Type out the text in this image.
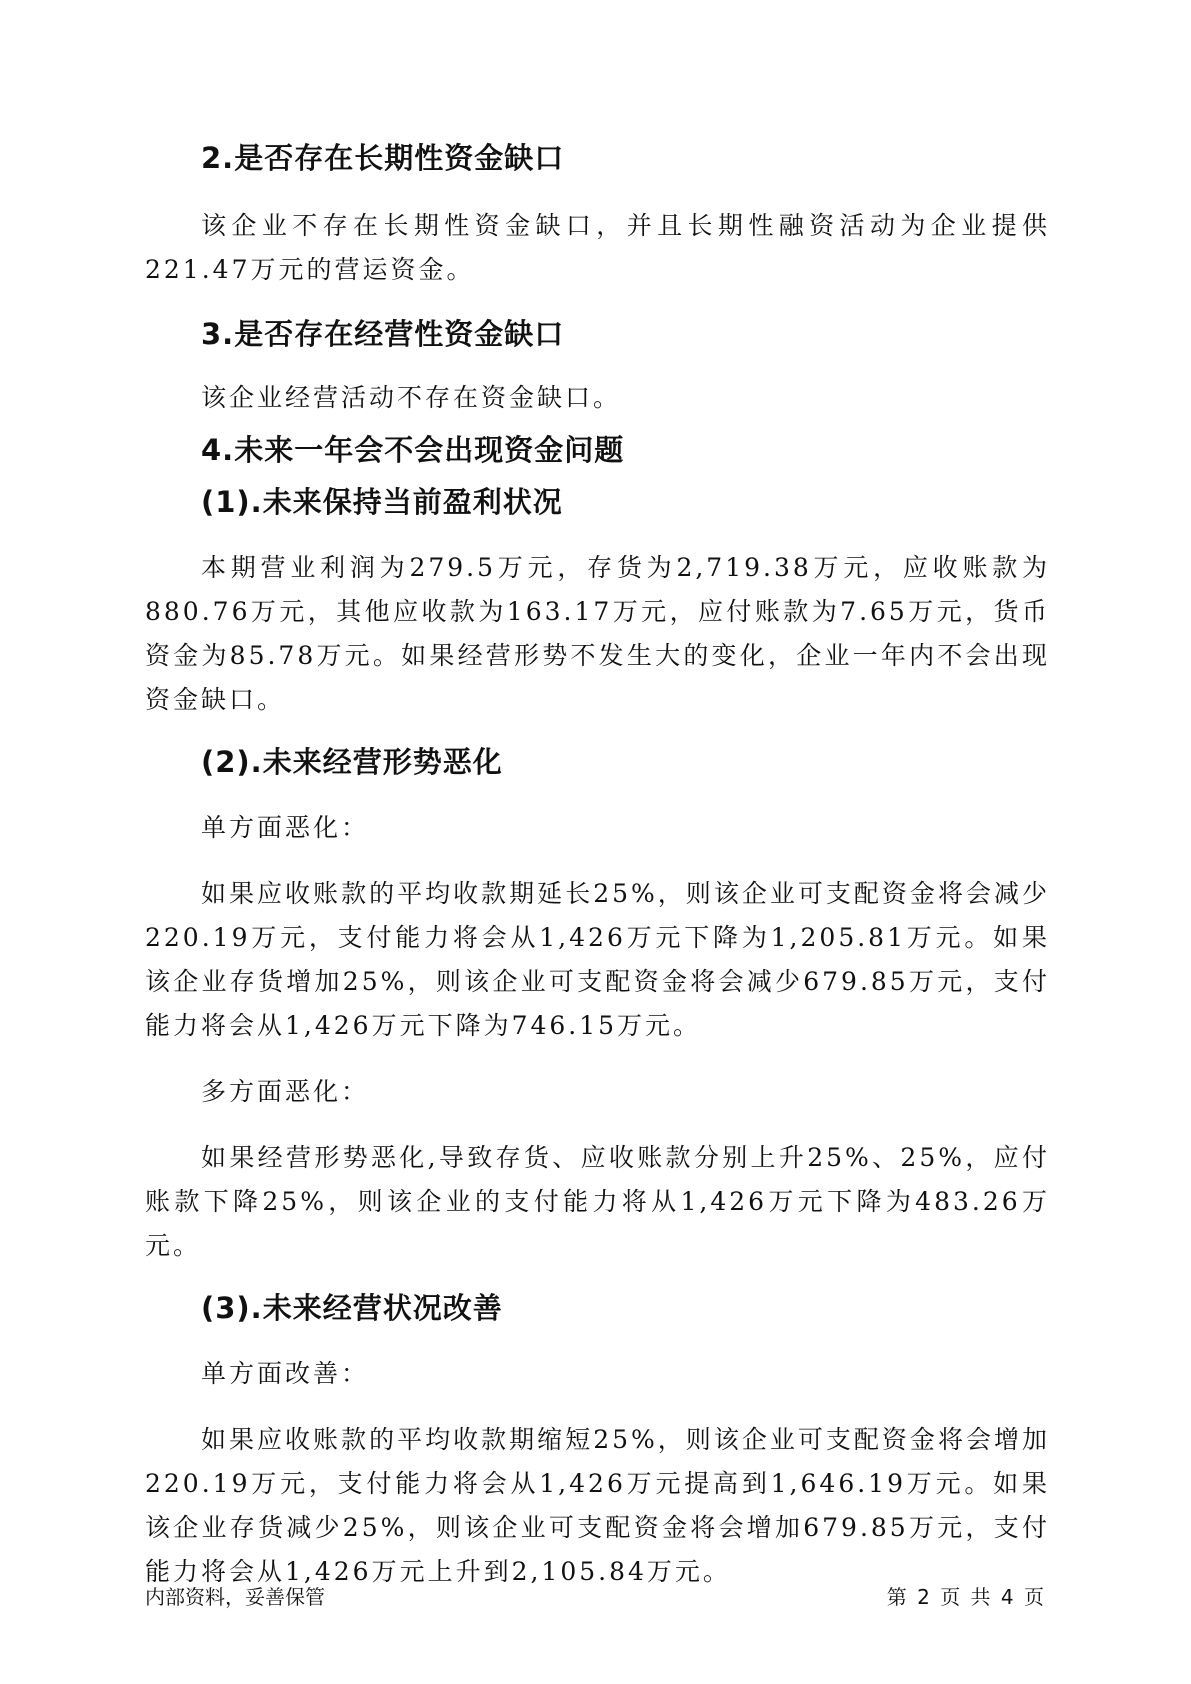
2.是否存在长期性资金缺口

该企业不存在长期性资金缺口，并且长期性融资活动为企业提供221.47万元的营运资金。

3.是否存在经营性资金缺口

该企业经营活动不存在资金缺口。

4.未来一年会不会出现资金问题
(1).未来保持当前盈利状况

本期营业利润为279.5万元，存货为2,719.38万元，应收账款为880.76万元，其他应收款为163.17万元，应付账款为7.65万元，货币资金为85.78万元。如果经营形势不发生大的变化，企业一年内不会出现资金缺口。

(2).未来经营形势恶化

单方面恶化：

如果应收账款的平均收款期延长25%，则该企业可支配资金将会减少220.19万元，支付能力将会从1,426万元下降为1,205.81万元。如果该企业存货增加25%，则该企业可支配资金将会减少679.85万元，支付能力将会从1,426万元下降为746.15万元。

多方面恶化：

如果经营形势恶化,导致存货、应收账款分别上升25%、25%，应付账款下降25%，则该企业的支付能力将从1,426万元下降为483.26万元。

(3).未来经营状况改善

单方面改善：

如果应收账款的平均收款期缩短25%，则该企业可支配资金将会增加220.19万元，支付能力将会从1,426万元提高到1,646.19万元。如果该企业存货减少25%，则该企业可支配资金将会增加679.85万元，支付能力将会从1,426万元上升到2,105.84万元。

内部资料，妥善保管	第 2 页 共 4 页
